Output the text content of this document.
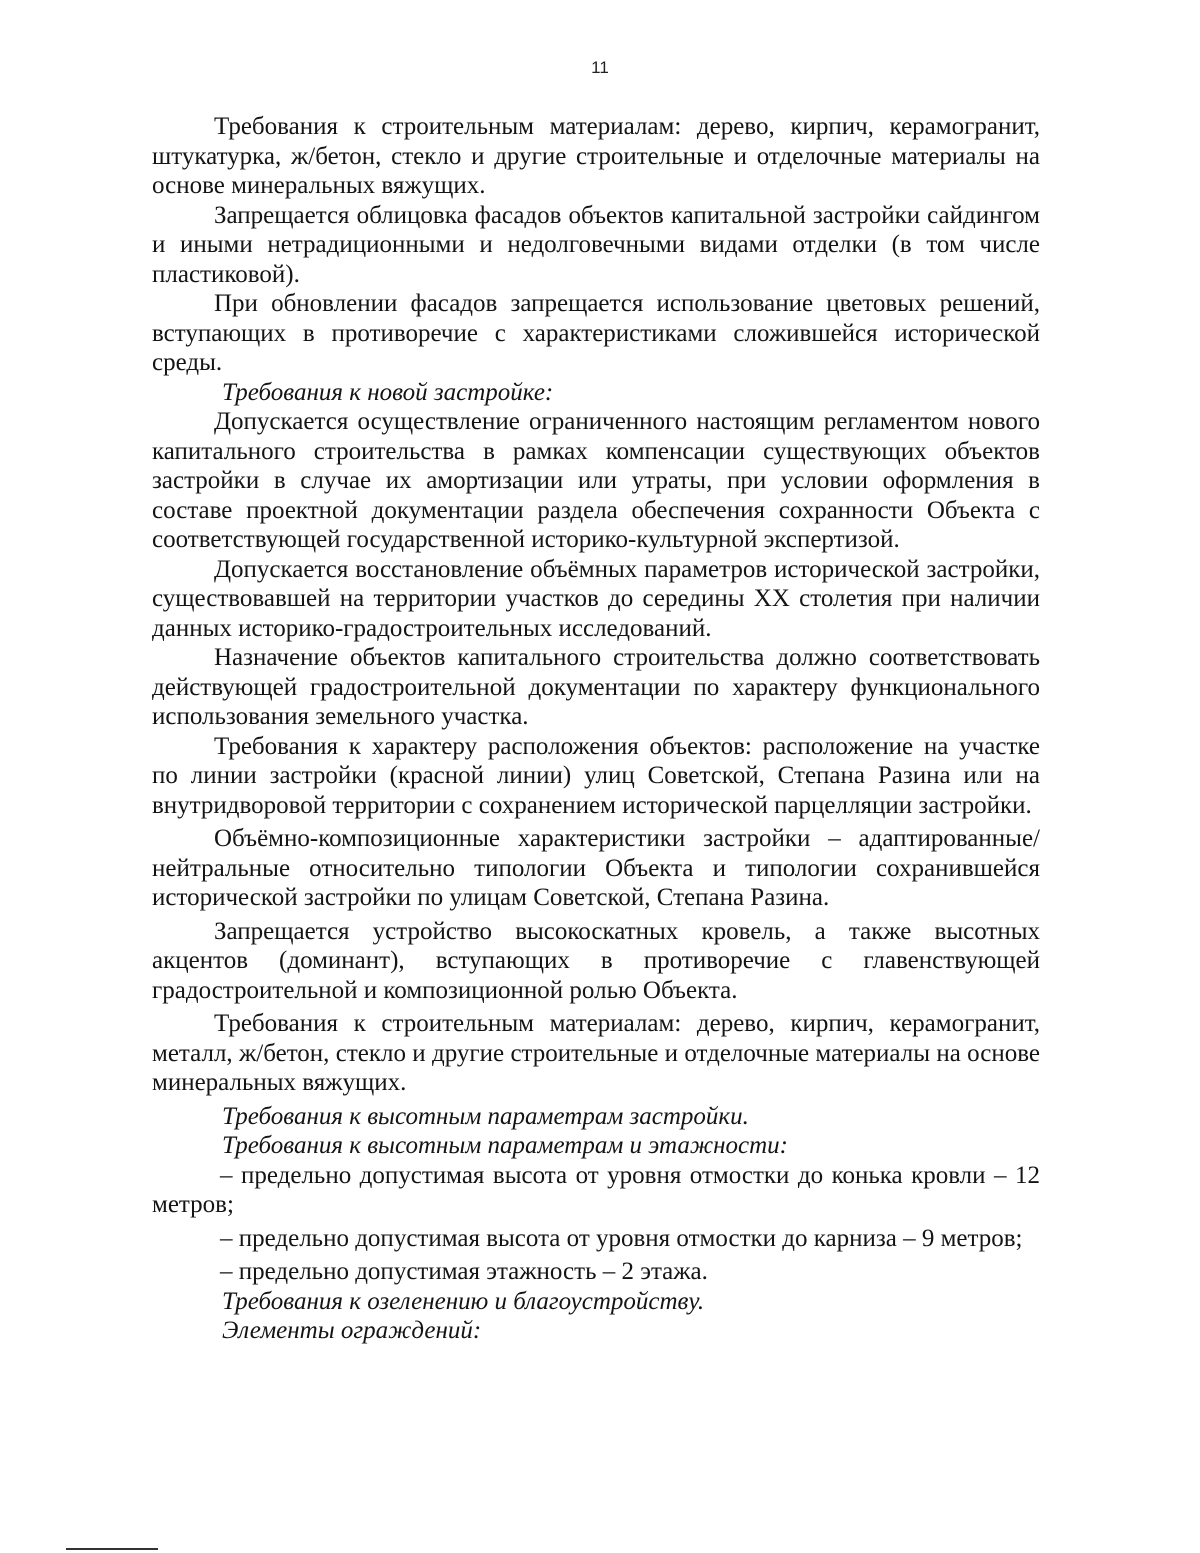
11

Требования к строительным материалам: дерево, кирпич, керамогранит, штукатурка, ж/бетон, стекло и другие строительные и отделочные материалы на основе минеральных вяжущих.

Запрещается облицовка фасадов объектов капитальной застройки сайдингом и иными нетрадиционными и недолговечными видами отделки (в том числе пластиковой).

При обновлении фасадов запрещается использование цветовых решений, вступающих в противоречие с характеристиками сложившейся исторической среды.

Требования к новой застройке:

Допускается осуществление ограниченного настоящим регламентом нового капитального строительства в рамках компенсации существующих объектов застройки в случае их амортизации или утраты, при условии оформления в составе проектной документации раздела обеспечения сохранности Объекта с соответствующей государственной историко-культурной экспертизой.

Допускается восстановление объёмных параметров исторической застройки, существовавшей на территории участков до середины XX столетия при наличии данных историко-градостроительных исследований.

Назначение объектов капитального строительства должно соответствовать действующей градостроительной документации по характеру функционального использования земельного участка.

Требования к характеру расположения объектов: расположение на участке по линии застройки (красной линии) улиц Советской, Степана Разина или на внутридворовой территории с сохранением исторической парцелляции застройки.

Объёмно-композиционные характеристики застройки – адаптированные/ нейтральные относительно типологии Объекта и типологии сохранившейся исторической застройки по улицам Советской, Степана Разина.

Запрещается устройство высокоскатных кровель, а также высотных акцентов (доминант), вступающих в противоречие с главенствующей градостроительной и композиционной ролью Объекта.

Требования к строительным материалам: дерево, кирпич, керамогранит, металл, ж/бетон, стекло и другие строительные и отделочные материалы на основе минеральных вяжущих.

Требования к высотным параметрам застройки.

Требования к высотным параметрам и этажности:

– предельно допустимая высота от уровня отмостки до конька кровли – 12 метров;

– предельно допустимая высота от уровня отмостки до карниза – 9 метров;

– предельно допустимая этажность – 2 этажа.

Требования к озеленению и благоустройству.

Элементы ограждений:
